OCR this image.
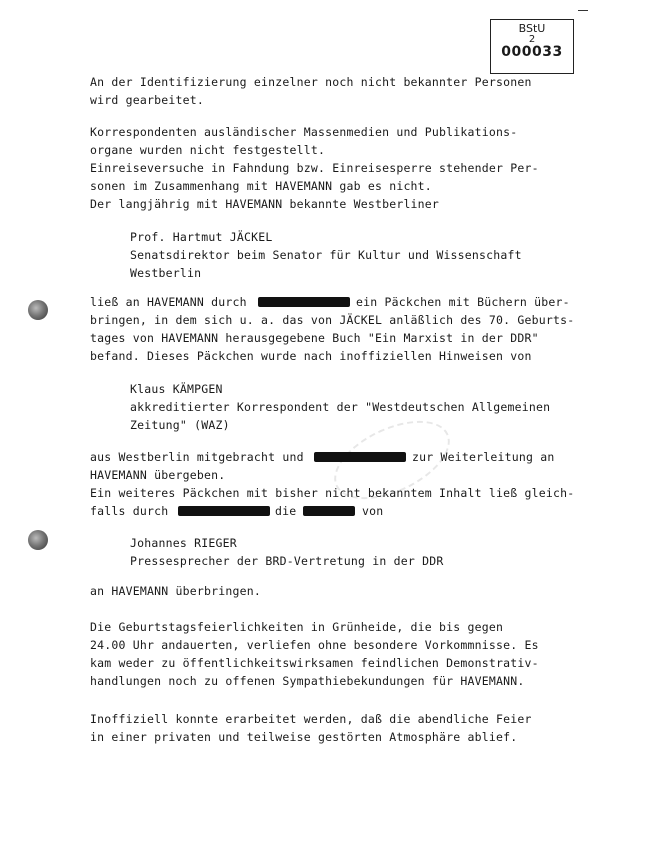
BStU
2
000033
An der Identifizierung einzelner noch nicht bekannter Personen
wird gearbeitet.
Korrespondenten ausländischer Massenmedien und Publikations-
organe wurden nicht festgestellt.
Einreiseversuche in Fahndung bzw. Einreisesperre stehender Per-
sonen im Zusammenhang mit HAVEMANN gab es nicht.
Der langjährig mit HAVEMANN bekannte Westberliner
Prof. Hartmut JÄCKEL
Senatsdirektor beim Senator für Kultur und Wissenschaft
Westberlin
ließ an HAVEMANN durch	ein Päckchen mit Büchern über-
bringen, in dem sich u. a. das von JÄCKEL anläßlich des 70. Geburts-
tages von HAVEMANN herausgegebene Buch "Ein Marxist in der DDR"
befand. Dieses Päckchen wurde nach inoffiziellen Hinweisen von
Klaus KÄMPGEN
akkreditierter Korrespondent der "Westdeutschen Allgemeinen
Zeitung" (WAZ)
aus Westberlin mitgebracht und	zur Weiterleitung an
HAVEMANN übergeben.
Ein weiteres Päckchen mit bisher nicht bekanntem Inhalt ließ gleich-
falls durch	die	von
Johannes RIEGER
Pressesprecher der BRD-Vertretung in der DDR
an HAVEMANN überbringen.
Die Geburtstagsfeierlichkeiten in Grünheide, die bis gegen
24.00 Uhr andauerten, verliefen ohne besondere Vorkommnisse. Es
kam weder zu öffentlichkeitswirksamen feindlichen Demonstrativ-
handlungen noch zu offenen Sympathiebekundungen für HAVEMANN.
Inoffiziell konnte erarbeitet werden, daß die abendliche Feier
in einer privaten und teilweise gestörten Atmosphäre ablief.
